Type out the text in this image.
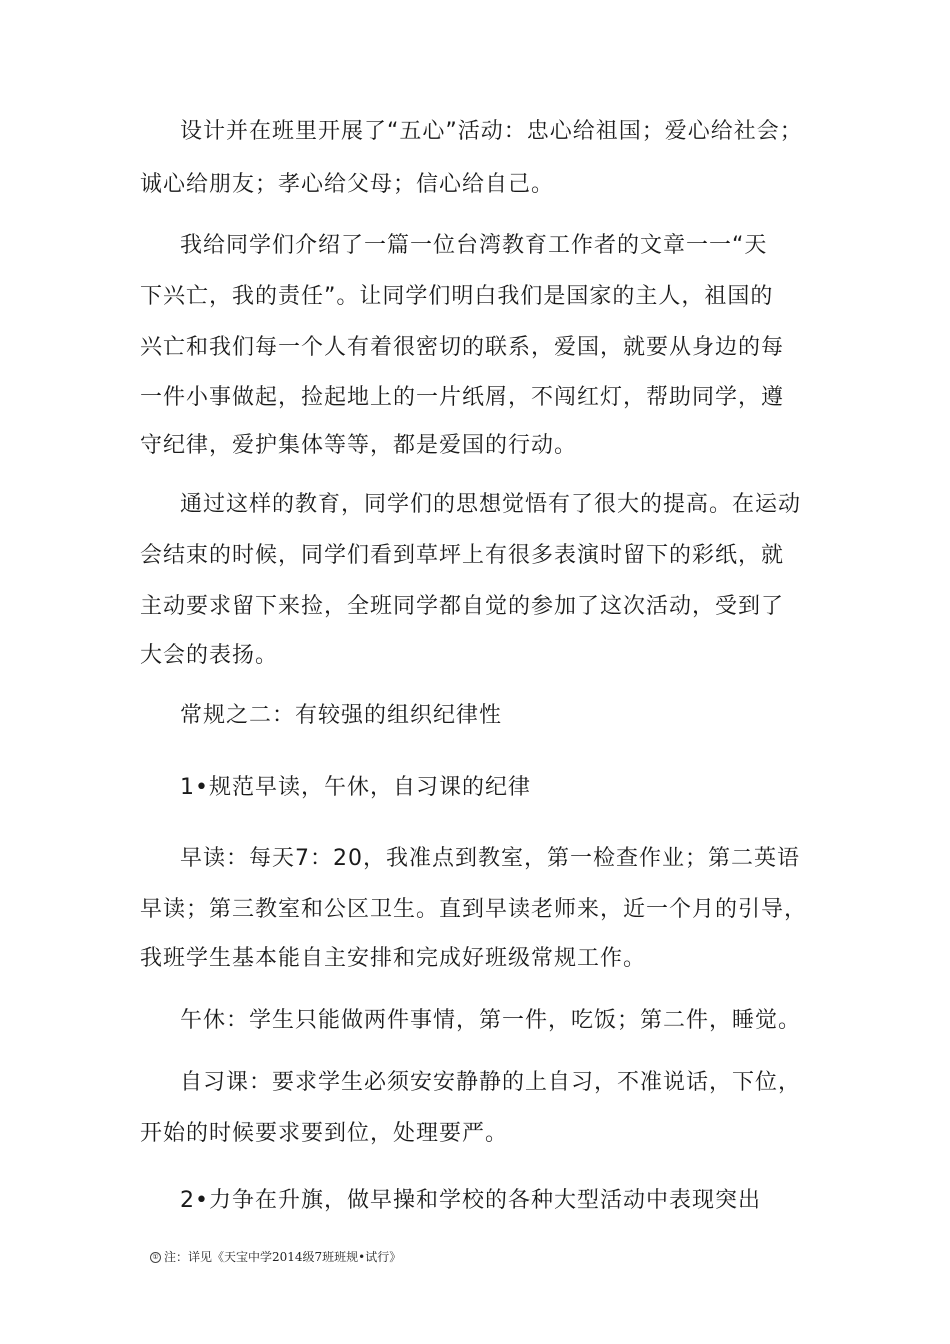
设计并在班里开展了“五心”活动：忠心给祖国；爱心给社会；
诚心给朋友；孝心给父母；信心给自己。
我给同学们介绍了一篇一位台湾教育工作者的文章一一“天
下兴亡，我的责任”。让同学们明白我们是国家的主人，祖国的
兴亡和我们每一个人有着很密切的联系，爱国，就要从身边的每
一件小事做起，捡起地上的一片纸屑，不闯红灯，帮助同学，遵
守纪律，爱护集体等等，都是爱国的行动。
通过这样的教育，同学们的思想觉悟有了很大的提高。在运动
会结束的时候，同学们看到草坪上有很多表演时留下的彩纸，就
主动要求留下来捡，全班同学都自觉的参加了这次活动，受到了
大会的表扬。
常规之二：有较强的组织纪律性
1•规范早读，午休，自习课的纪律
早读：每天7：20，我准点到教室，第一检查作业；第二英语
早读；第三教室和公区卫生。直到早读老师来，近一个月的引导，
我班学生基本能自主安排和完成好班级常规工作。
午休：学生只能做两件事情，第一件，吃饭；第二件，睡觉。
自习课：要求学生必须安安静静的上自习，不准说话，下位，
开始的时候要求要到位，处理要严。
2•力争在升旗，做早操和学校的各种大型活动中表现突出
① 注：详见《天宝中学2014级7班班规•试行》
